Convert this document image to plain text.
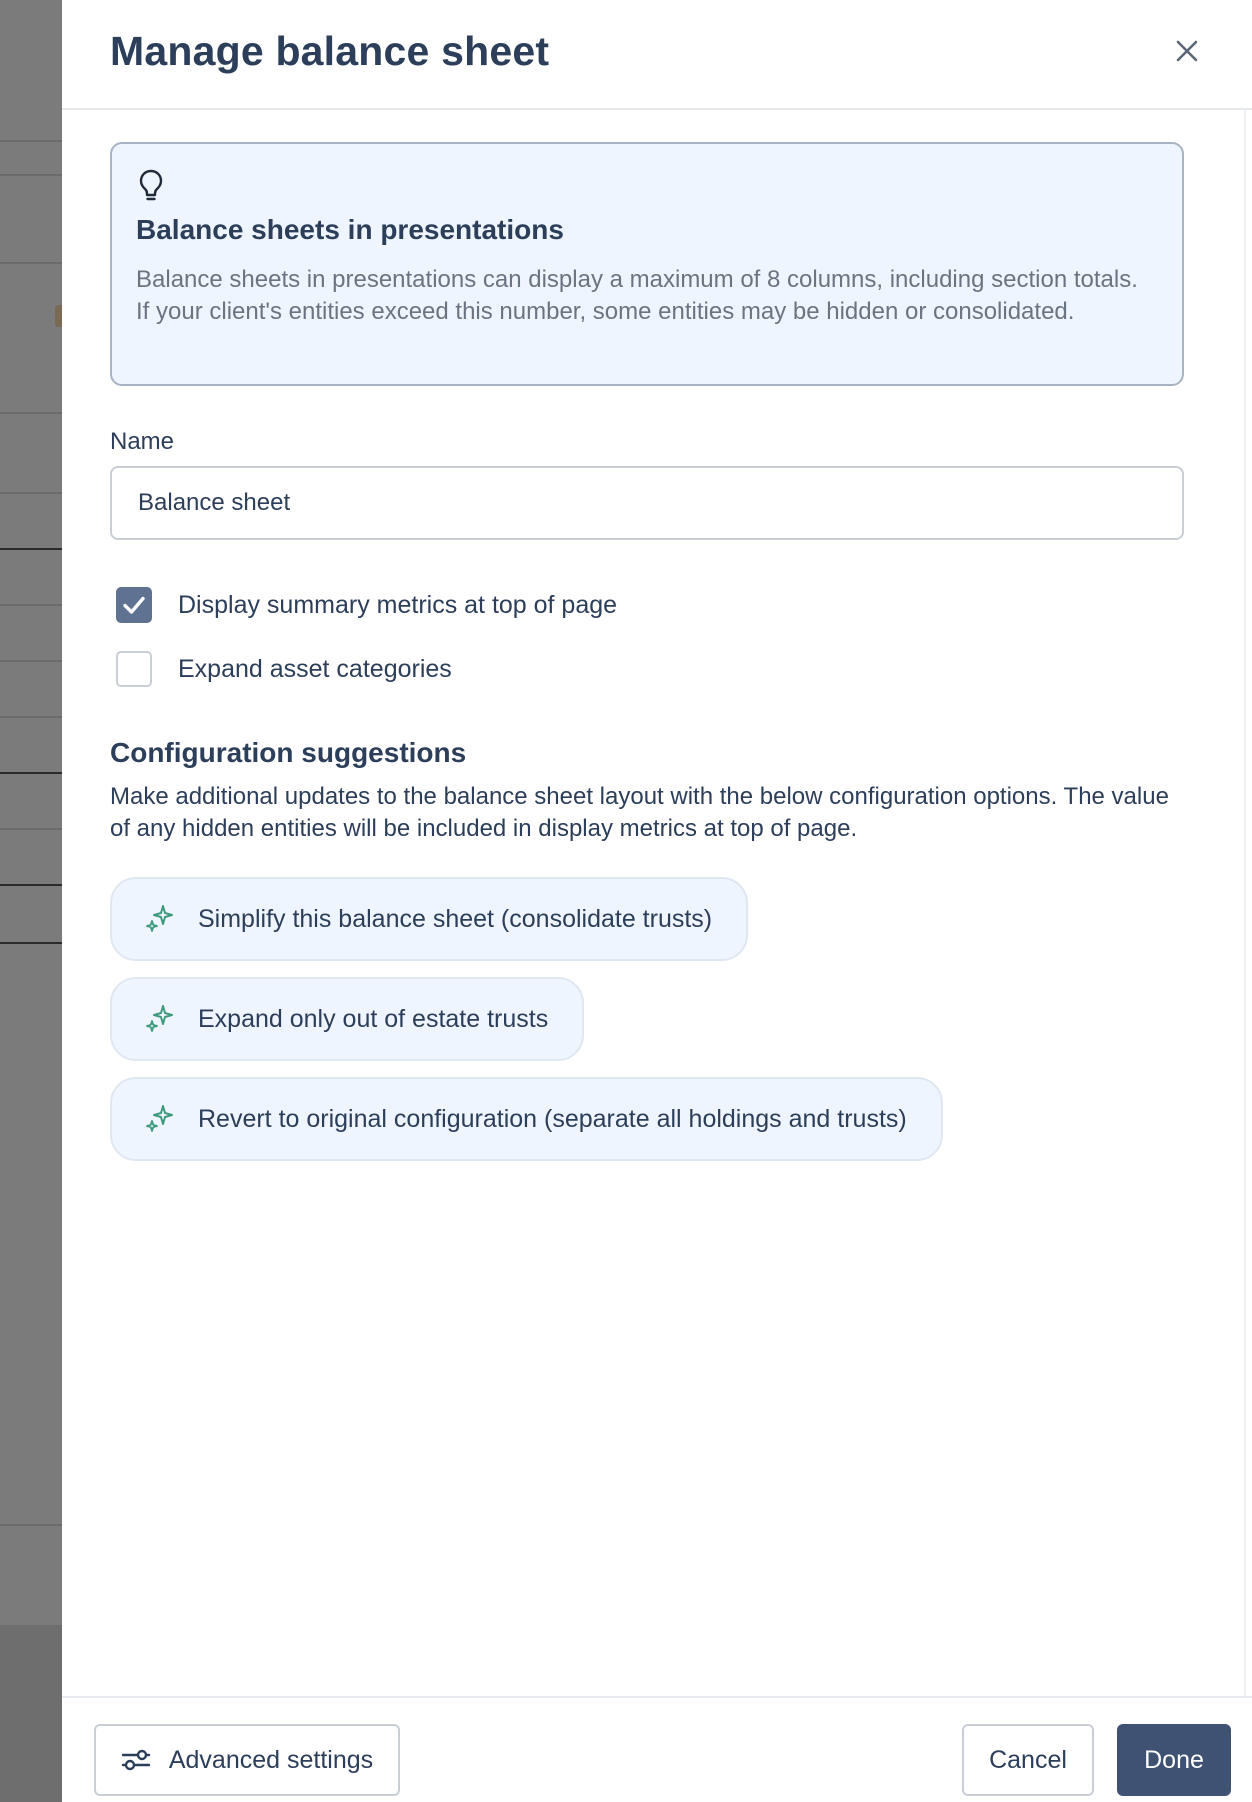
Manage balance sheet
Balance sheets in presentations
Balance sheets in presentations can display a maximum of 8 columns, including section totals. If your client's entities exceed this number, some entities may be hidden or consolidated.
Name
Balance sheet
Display summary metrics at top of page
Expand asset categories
Configuration suggestions
Make additional updates to the balance sheet layout with the below configuration options. The value of any hidden entities will be included in display metrics at top of page.
Simplify this balance sheet (consolidate trusts)
Expand only out of estate trusts
Revert to original configuration (separate all holdings and trusts)
Advanced settings	Cancel	Done
